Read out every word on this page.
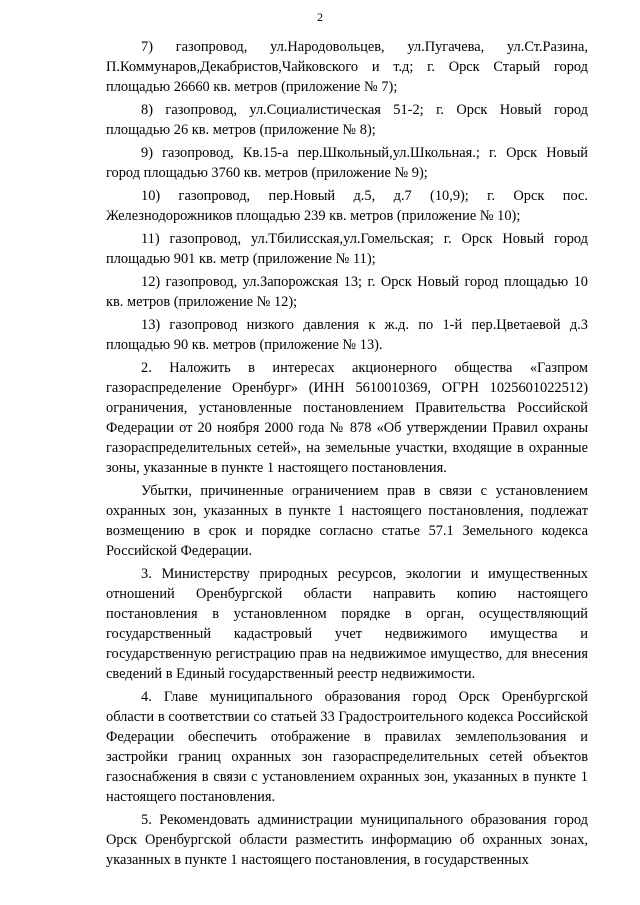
2

7) газопровод, ул.Народовольцев, ул.Пугачева, ул.Ст.Разина, П.Коммунаров,Декабристов,Чайковского и т.д; г. Орск Старый город площадью 26660 кв. метров (приложение № 7);

8) газопровод, ул.Социалистическая 51-2; г. Орск Новый город площадью 26 кв. метров (приложение № 8);

9) газопровод, Кв.15-а пер.Школьный,ул.Школьная.; г. Орск Новый город площадью 3760 кв. метров (приложение № 9);

10) газопровод, пер.Новый д.5, д.7 (10,9); г. Орск пос. Железнодорожников площадью 239 кв. метров (приложение № 10);

11) газопровод, ул.Тбилисская,ул.Гомельская; г. Орск Новый город площадью 901 кв. метр (приложение № 11);

12) газопровод, ул.Запорожская 13; г. Орск Новый город площадью 10 кв. метров (приложение № 12);

13) газопровод низкого давления к ж.д. по 1-й пер.Цветаевой д.3 площадью 90 кв. метров (приложение № 13).

2. Наложить в интересах акционерного общества «Газпром газораспределение Оренбург» (ИНН 5610010369, ОГРН 1025601022512) ограничения, установленные постановлением Правительства Российской Федерации от 20 ноября 2000 года № 878 «Об утверждении Правил охраны газораспределительных сетей», на земельные участки, входящие в охранные зоны, указанные в пункте 1 настоящего постановления.

Убытки, причиненные ограничением прав в связи с установлением охранных зон, указанных в пункте 1 настоящего постановления, подлежат возмещению в срок и порядке согласно статье 57.1 Земельного кодекса Российской Федерации.

3. Министерству природных ресурсов, экологии и имущественных отношений Оренбургской области направить копию настоящего постановления в установленном порядке в орган, осуществляющий государственный кадастровый учет недвижимого имущества и государственную регистрацию прав на недвижимое имущество, для внесения сведений в Единый государственный реестр недвижимости.

4. Главе муниципального образования город Орск Оренбургской области в соответствии со статьей 33 Градостроительного кодекса Российской Федерации обеспечить отображение в правилах землепользования и застройки границ охранных зон газораспределительных сетей объектов газоснабжения в связи с установлением охранных зон, указанных в пункте 1 настоящего постановления.

5. Рекомендовать администрации муниципального образования город Орск Оренбургской области разместить информацию об охранных зонах, указанных в пункте 1 настоящего постановления, в государственных
